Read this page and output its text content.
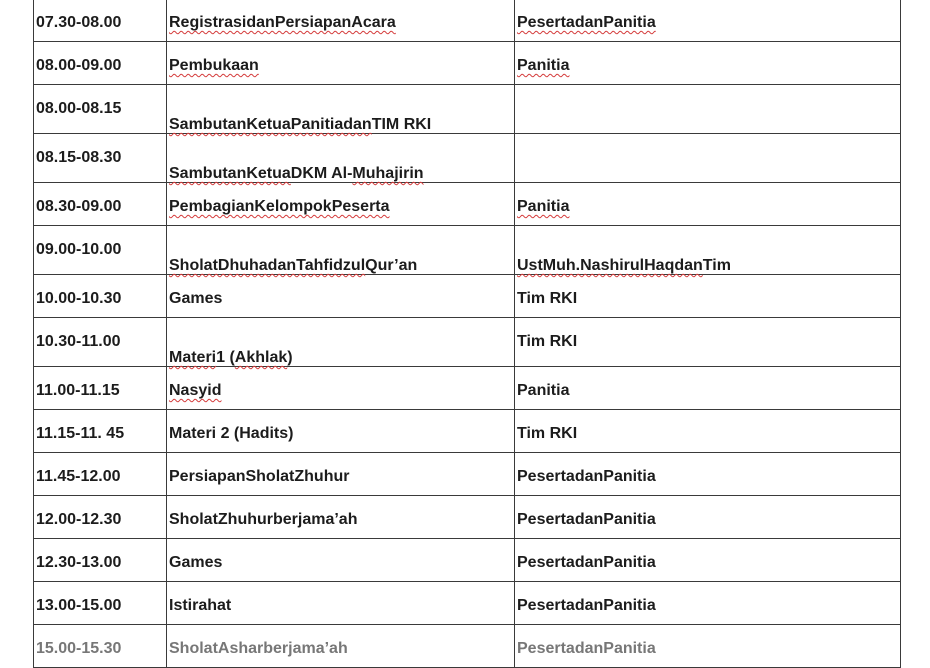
07.30-08.00	RegistrasidanPersiapanAcara	PesertadanPanitia
08.00-09.00	Pembukaan	Panitia
08.00-08.15	SambutanKetuaPanitiadanTIM RKI	
08.15-08.30	SambutanKetuaDKM Al-Muhajirin	
08.30-09.00	PembagianKelompokPeserta	Panitia
09.00-10.00	SholatDhuhadanTahfidzulQur’an	UstMuh.NashirulHaqdanTim
10.00-10.30	Games	Tim RKI
10.30-11.00	Materi1 (Akhlak)	Tim RKI
11.00-11.15	Nasyid	Panitia
11.15-11. 45	Materi 2 (Hadits)	Tim RKI
11.45-12.00	PersiapanSholatZhuhur	PesertadanPanitia
12.00-12.30	SholatZhuhurberjama’ah	PesertadanPanitia
12.30-13.00	Games	PesertadanPanitia
13.00-15.00	Istirahat	PesertadanPanitia
15.00-15.30	SholatAsharberjama’ah	PesertadanPanitia
